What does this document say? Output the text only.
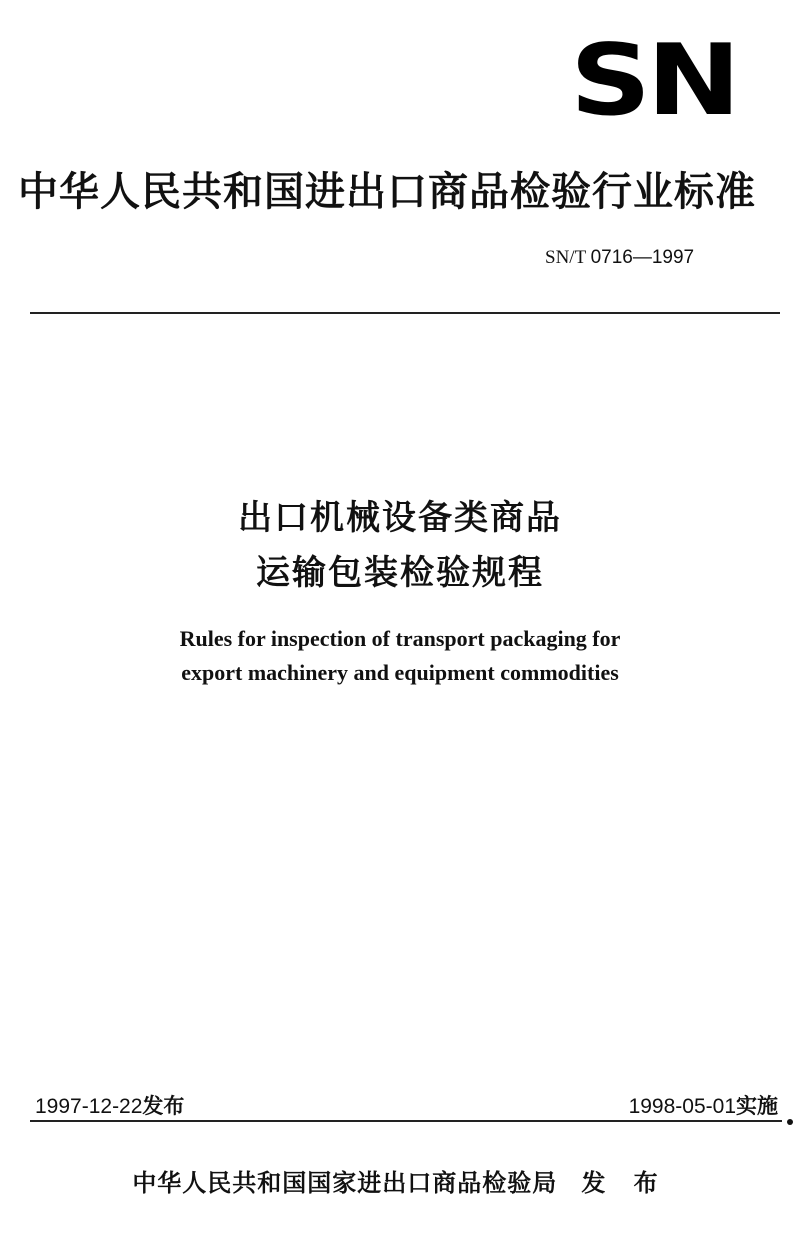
SN
中华人民共和国进出口商品检验行业标准
SN/T 0716—1997
出口机械设备类商品
运输包装检验规程
Rules for inspection of transport packaging for
export machinery and equipment commodities
1997-12-22发布	1998-05-01实施
中华人民共和国国家进出口商品检验局 发 布
